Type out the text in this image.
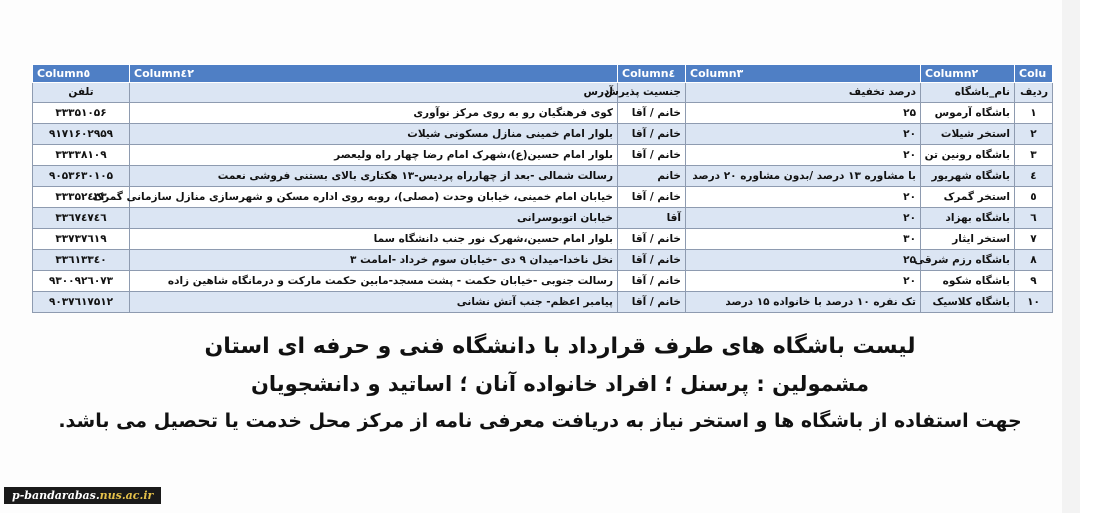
Column٥	Column٤٢	Column٤	Column٣	Column٢	Colu
تلفن	آدرس	جنسیت پذیرش	درصد تخفیف	نام_باشگاه	ردیف
۳۳۳۵۱۰۵۶	کوی فرهنگیان رو به روی مرکز نوآوری	خانم / آقا	۲۵	باشگاه آرموس	۱
۹۱۷۱۶۰۲۹۵۹	بلوار امام خمینی منازل مسکونی شیلات	خانم / آقا	۲۰	استخر شیلات	۲
۳۳۳۳۸۱۰۹	بلوار امام حسین(ع)،شهرک امام رضا چهار راه ولیعصر	خانم / آقا	۲۰	باشگاه رونین تن	۳
۹۰۵۳۶۳۰۱۰۵	رسالت شمالی -بعد از چهارراه پردیس-۱۳ هکتاری بالای بستنی فروشی نعمت	خانم	با مشاوره ۱۳ درصد /بدون مشاوره ۲۰ درصد	باشگاه شهریور	٤
۳۳۳۵۲٤۳۳	خیابان امام خمینی، خیابان وحدت (مصلی)، روبه روی اداره مسکن و شهرسازی منازل سازمانی گمرک	خانم / آقا	۲۰	استخر گمرک	٥
۳۳٦۷٤۷٤٦	خیابان اتوبوسرانی	آقا	۲۰	باشگاه بهزاد	٦
۳۳۷۳۷٦۱۹	بلوار امام حسین،شهرک نور جنب دانشگاه سما	خانم / آقا	۳۰	استخر ایثار	۷
۳۳٦۱۳۳٤۰	نخل ناخدا-میدان ۹ دی -خیابان سوم خرداد -امامت ۳	خانم / آقا	۲۵	باشگاه رزم شرقی	۸
۹۳۰۰۹۲٦۰۷۳	رسالت جنوبی -خیابان حکمت - پشت مسجد-مابین حکمت مارکت و درمانگاه شاهین زاده	خانم / آقا	۲۰	باشگاه شکوه	۹
۹۰۳۷٦۱۷۵۱۲	پیامبر اعظم- جنب آتش نشانی	خانم / آقا	تک نفره ۱۰ درصد با خانواده ۱۵ درصد	باشگاه کلاسیک	۱۰
لیست باشگاه های طرف قرارداد با دانشگاه فنی و حرفه ای استان
مشمولین : پرسنل ؛ افراد خانواده آنان ؛ اساتید و دانشجویان
جهت استفاده از باشگاه ها و استخر نیاز به دریافت معرفی نامه از مرکز محل خدمت یا تحصیل می باشد.
p-bandarabas.nus.ac.ir
